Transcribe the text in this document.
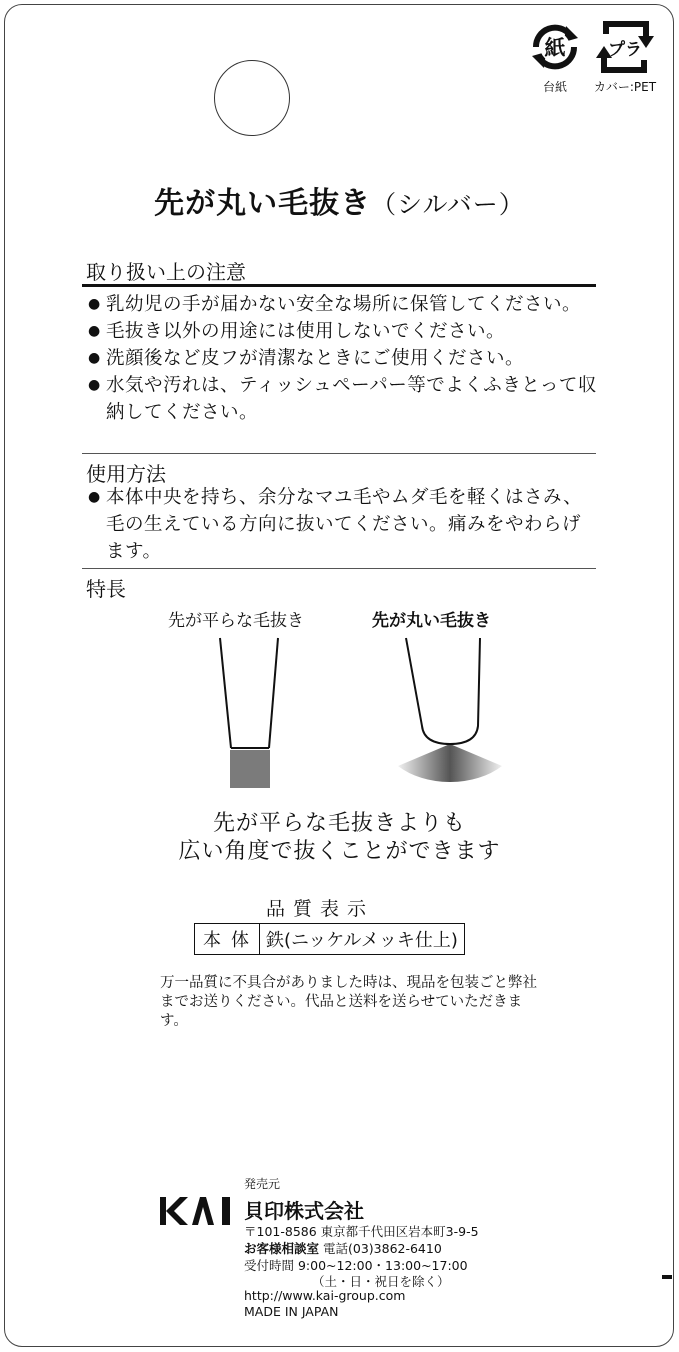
紙
台紙
プラ
カバー:PET
先が丸い毛抜き（シルバー）
取り扱い上の注意
● 乳幼児の手が届かない安全な場所に保管してください。
● 毛抜き以外の用途には使用しないでください。
● 洗顔後など皮フが清潔なときにご使用ください。
● 水気や汚れは、ティッシュペーパー等でよくふきとって収納してください。
使用方法
● 本体中央を持ち、余分なマユ毛やムダ毛を軽くはさみ、毛の生えている方向に抜いてください。痛みをやわらげます。
特長
先が平らな毛抜き	先が丸い毛抜き
先が平らな毛抜きよりも
広い角度で抜くことができます
品質表示
本体 鉄(ニッケルメッキ仕上)
万一品質に不具合がありました時は、現品を包装ごと弊社までお送りください。代品と送料を送らせていただきます。
発売元
貝印株式会社
〒101-8586 東京都千代田区岩本町3-9-5
お客様相談室 電話(03)3862-6410
受付時間 9:00~12:00・13:00~17:00
（土・日・祝日を除く）
http://www.kai-group.com
MADE IN JAPAN
